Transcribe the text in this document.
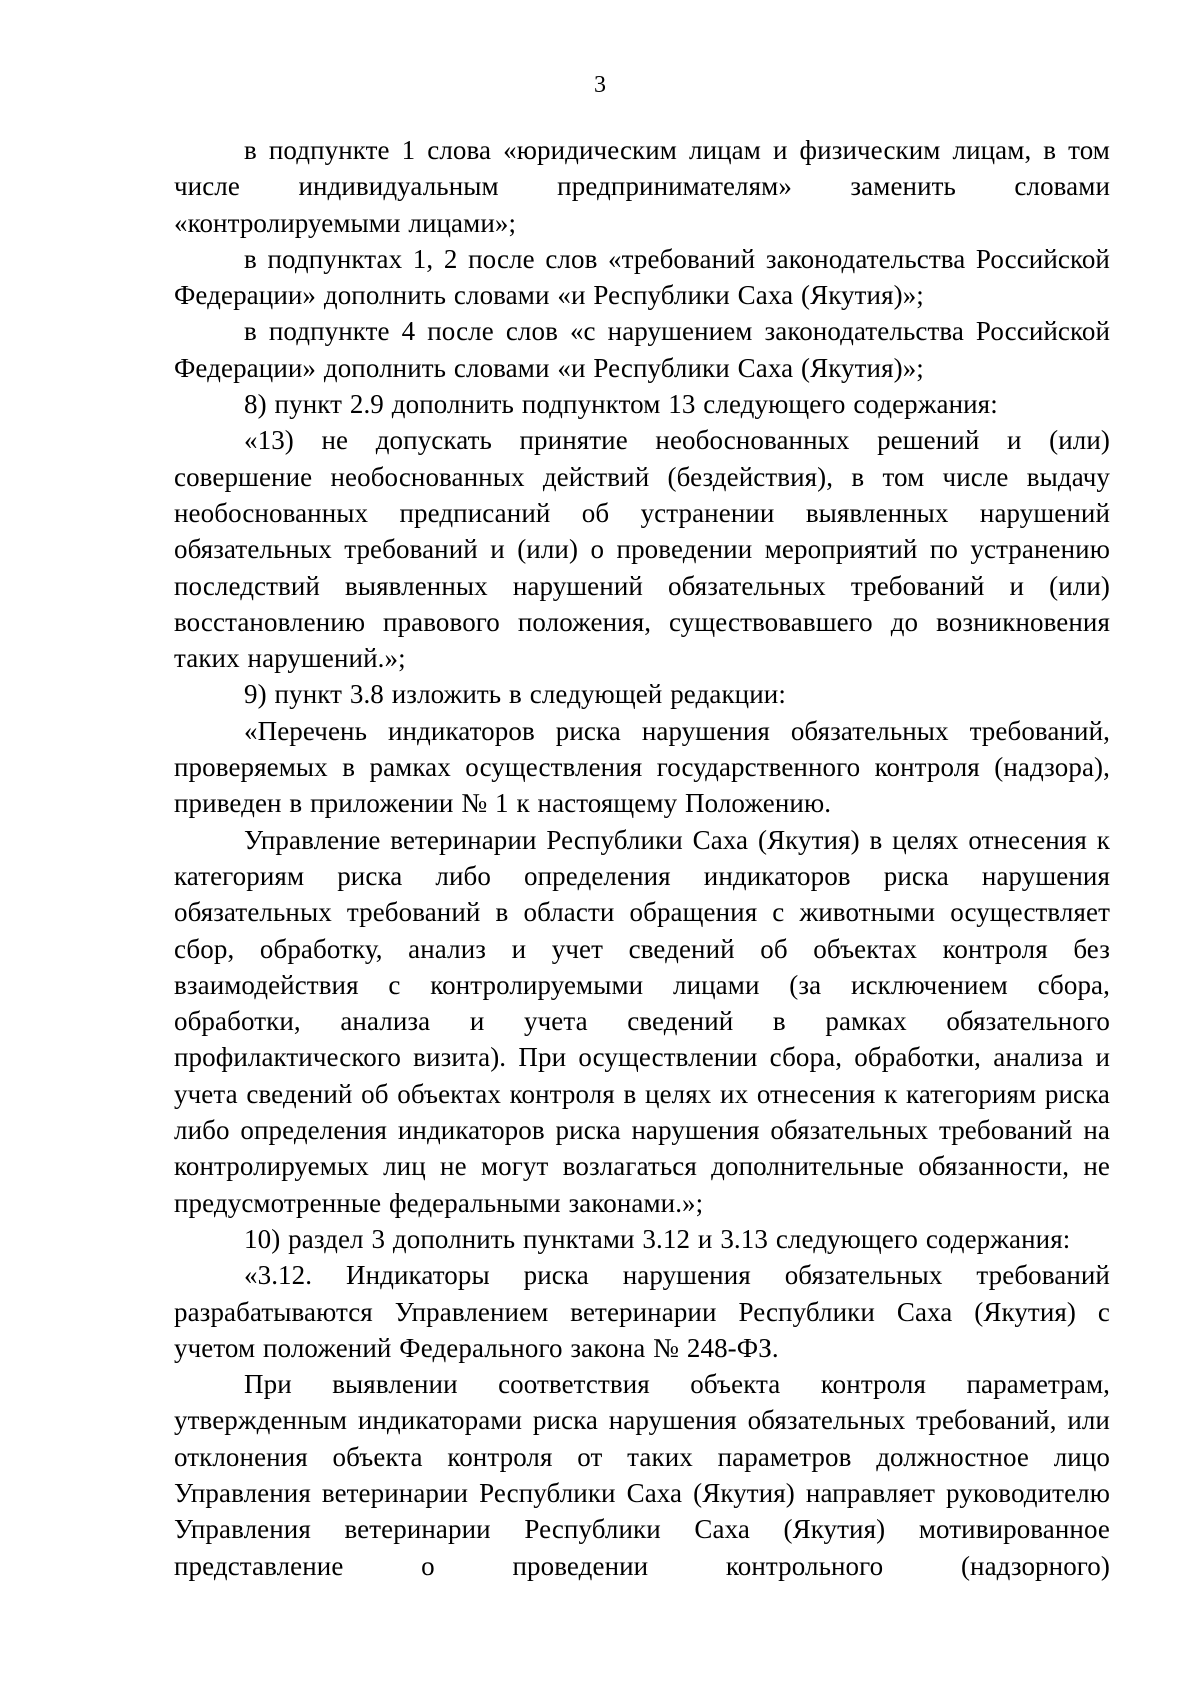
3

в подпункте 1 слова «юридическим лицам и физическим лицам, в том числе индивидуальным предпринимателям» заменить словами «контролируемыми лицами»;

в подпунктах 1, 2 после слов «требований законодательства Российской Федерации» дополнить словами «и Республики Саха (Якутия)»;

в подпункте 4 после слов «с нарушением законодательства Российской Федерации» дополнить словами «и Республики Саха (Якутия)»;

8) пункт 2.9 дополнить подпунктом 13 следующего содержания:

«13) не допускать принятие необоснованных решений и (или) совершение необоснованных действий (бездействия), в том числе выдачу необоснованных предписаний об устранении выявленных нарушений обязательных требований и (или) о проведении мероприятий по устранению последствий выявленных нарушений обязательных требований и (или) восстановлению правового положения, существовавшего до возникновения таких нарушений.»;

9) пункт 3.8 изложить в следующей редакции:

«Перечень индикаторов риска нарушения обязательных требований, проверяемых в рамках осуществления государственного контроля (надзора), приведен в приложении № 1 к настоящему Положению.

Управление ветеринарии Республики Саха (Якутия) в целях отнесения к категориям риска либо определения индикаторов риска нарушения обязательных требований в области обращения с животными осуществляет сбор, обработку, анализ и учет сведений об объектах контроля без взаимодействия с контролируемыми лицами (за исключением сбора, обработки, анализа и учета сведений в рамках обязательного профилактического визита). При осуществлении сбора, обработки, анализа и учета сведений об объектах контроля в целях их отнесения к категориям риска либо определения индикаторов риска нарушения обязательных требований на контролируемых лиц не могут возлагаться дополнительные обязанности, не предусмотренные федеральными законами.»;

10) раздел 3 дополнить пунктами 3.12 и 3.13 следующего содержания:

«3.12. Индикаторы риска нарушения обязательных требований разрабатываются Управлением ветеринарии Республики Саха (Якутия) с учетом положений Федерального закона № 248-ФЗ.

При выявлении соответствия объекта контроля параметрам, утвержденным индикаторами риска нарушения обязательных требований, или отклонения объекта контроля от таких параметров должностное лицо Управления ветеринарии Республики Саха (Якутия) направляет руководителю Управления ветеринарии Республики Саха (Якутия) мотивированное представление о проведении контрольного (надзорного)
